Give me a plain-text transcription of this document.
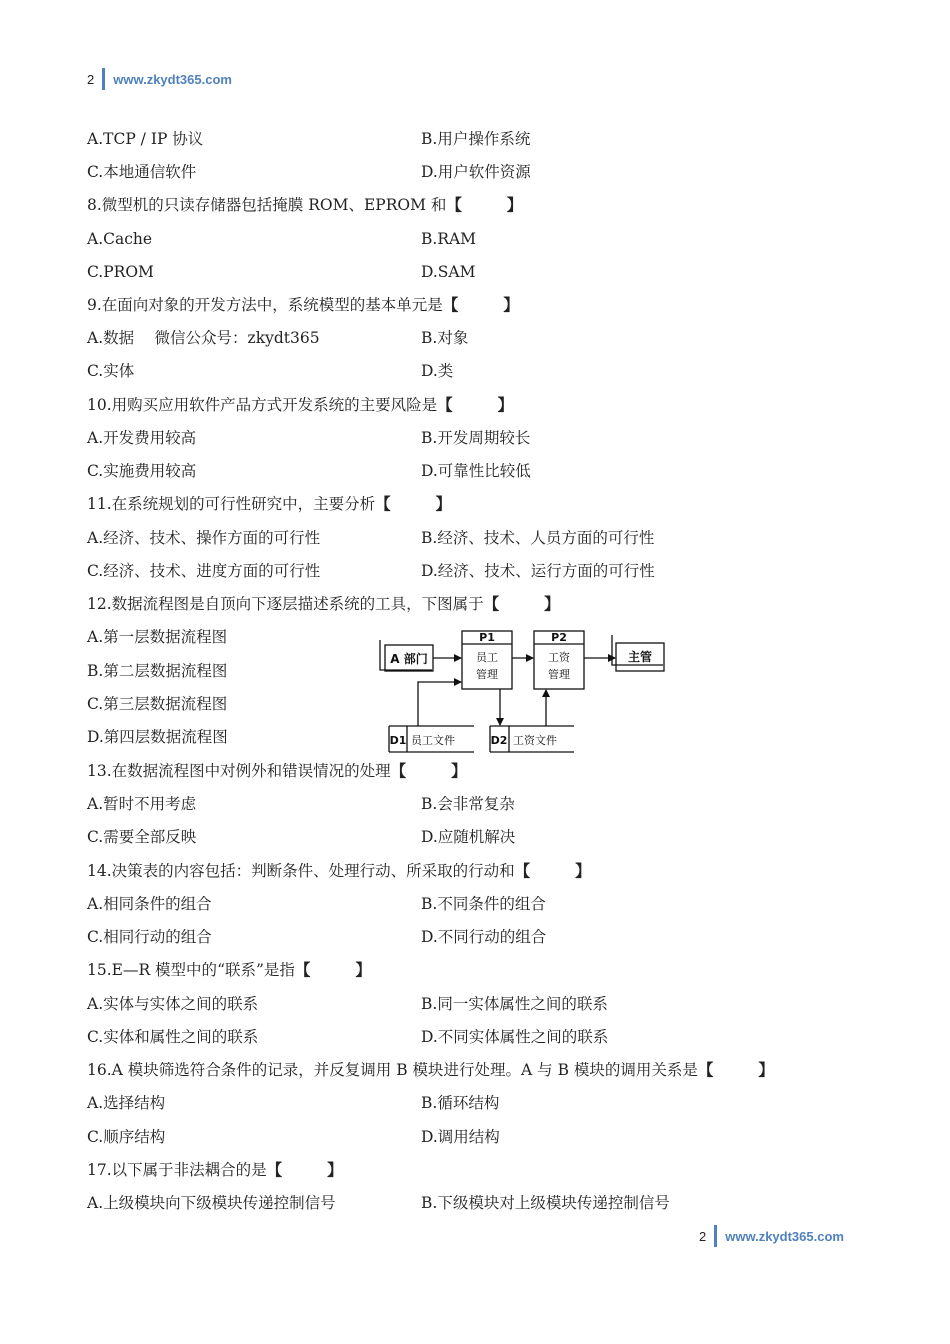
2 www.zkydt365.com
A.TCP / IP 协议	B.用户操作系统
C.本地通信软件	D.用户软件资源
8.微型机的只读存储器包括掩膜 ROM、EPROM 和【	】
A.Cache	B.RAM
C.PROM	D.SAM
9.在面向对象的开发方法中，系统模型的基本单元是【	】
A.数据　 微信公众号：zkydt365	B.对象
C.实体	D.类
10.用购买应用软件产品方式开发系统的主要风险是【	】
A.开发费用较高	B.开发周期较长
C.实施费用较高	D.可靠性比较低
11.在系统规划的可行性研究中，主要分析【	】
A.经济、技术、操作方面的可行性	B.经济、技术、人员方面的可行性
C.经济、技术、进度方面的可行性	D.经济、技术、运行方面的可行性
12.数据流程图是自顶向下逐层描述系统的工具，下图属于【	】
A.第一层数据流程图
B.第二层数据流程图
C.第三层数据流程图
D.第四层数据流程图
A 部门
P1
员工
管理
P2
工资
管理
主管
D1 员工文件	D2 工资文件
13.在数据流程图中对例外和错误情况的处理【	】
A.暂时不用考虑	B.会非常复杂
C.需要全部反映	D.应随机解决
14.决策表的内容包括：判断条件、处理行动、所采取的行动和【	】
A.相同条件的组合	B.不同条件的组合
C.相同行动的组合	D.不同行动的组合
15.E—R 模型中的“联系”是指【	】
A.实体与实体之间的联系	B.同一实体属性之间的联系
C.实体和属性之间的联系	D.不同实体属性之间的联系
16.A 模块筛选符合条件的记录，并反复调用 B 模块进行处理。A 与 B 模块的调用关系是【	】
A.选择结构	B.循环结构
C.顺序结构	D.调用结构
17.以下属于非法耦合的是【	】
A.上级模块向下级模块传递控制信号	B.下级模块对上级模块传递控制信号
2 www.zkydt365.com
